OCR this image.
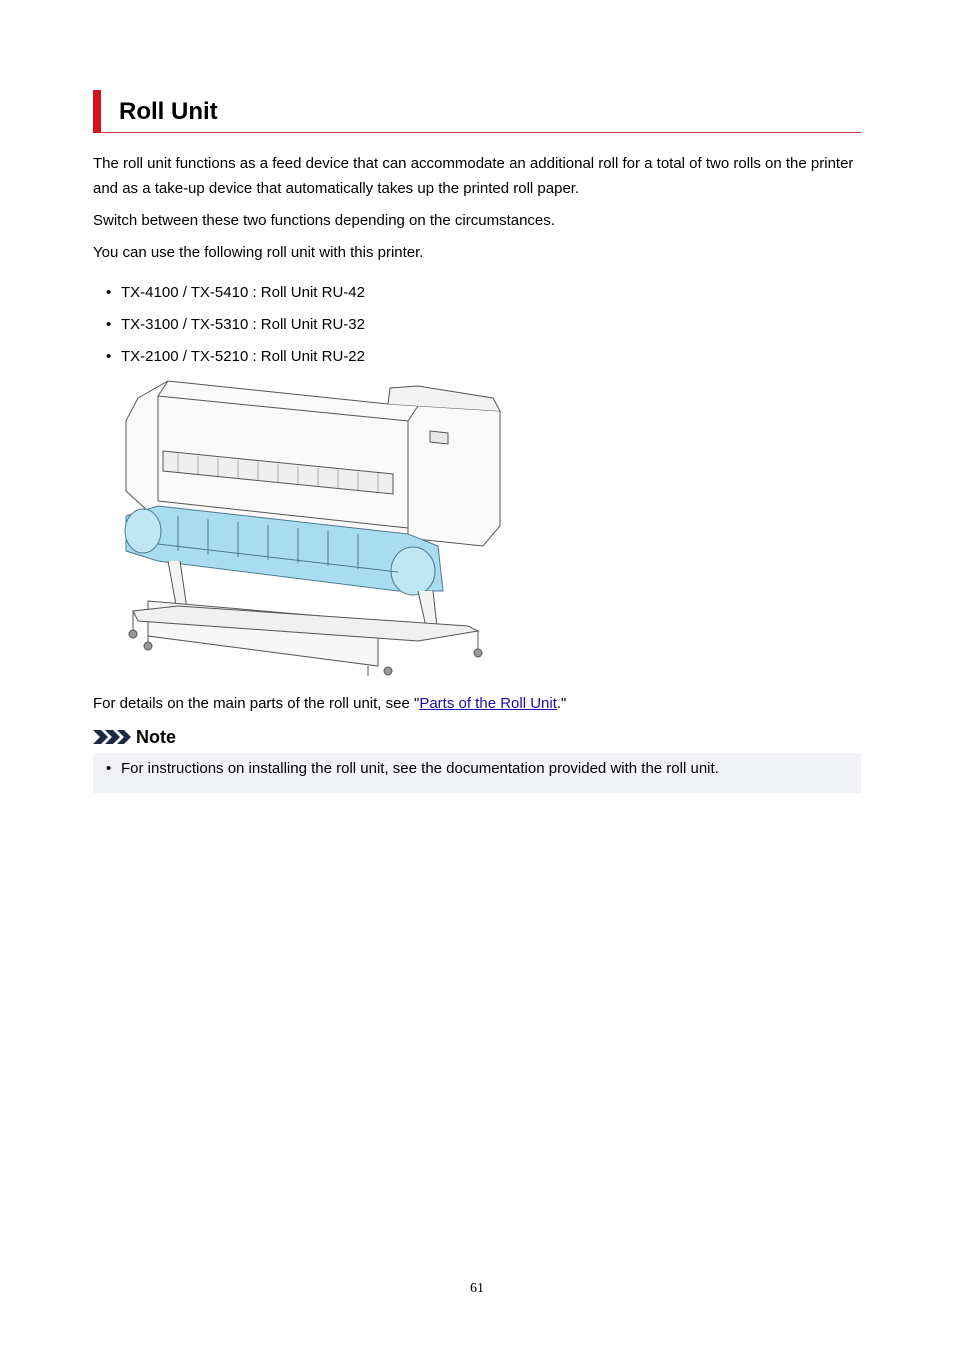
Roll Unit

The roll unit functions as a feed device that can accommodate an additional roll for a total of two rolls on the printer and as a take-up device that automatically takes up the printed roll paper.

Switch between these two functions depending on the circumstances.

You can use the following roll unit with this printer.

• TX-4100 / TX-5410 : Roll Unit RU-42
• TX-3100 / TX-5310 : Roll Unit RU-32
• TX-2100 / TX-5210 : Roll Unit RU-22

For details on the main parts of the roll unit, see "Parts of the Roll Unit."

Note
• For instructions on installing the roll unit, see the documentation provided with the roll unit.
61
